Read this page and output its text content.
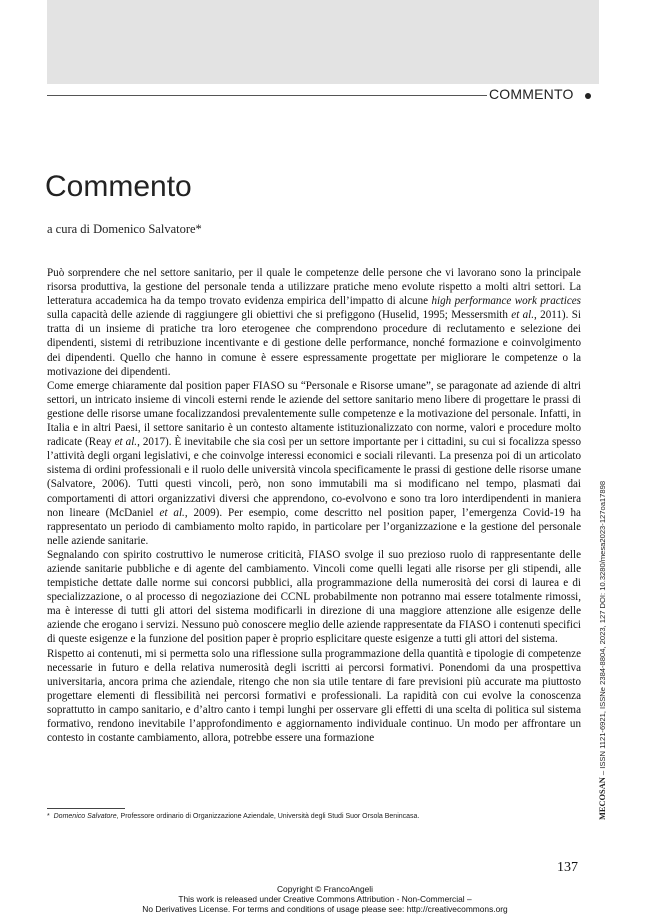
COMMENTO
Commento
a cura di Domenico Salvatore*

Può sorprendere che nel settore sanitario, per il quale le competenze delle persone che vi lavorano sono la principale risorsa produttiva, la gestione del personale tenda a utilizzare pratiche meno evolute rispetto a molti altri settori. La letteratura accademica ha da tempo trovato evidenza empirica dell’impatto di alcune high performance work practices sulla capacità delle aziende di raggiungere gli obiettivi che si prefiggono (Huselid, 1995; Messersmith et al., 2011). Si tratta di un insieme di pratiche tra loro eterogenee che comprendono procedure di reclutamento e selezione dei dipendenti, sistemi di retribuzione incentivante e di gestione delle performance, nonché formazione e coinvolgimento dei dipendenti. Quello che hanno in comune è essere espressamente progettate per migliorare le competenze o la motivazione dei dipendenti.

Come emerge chiaramente dal position paper FIASO su “Personale e Risorse umane”, se paragonate ad aziende di altri settori, un intricato insieme di vincoli esterni rende le aziende del settore sanitario meno libere di progettare le prassi di gestione delle risorse umane focalizzandosi prevalentemente sulle competenze e la motivazione del personale. Infatti, in Italia e in altri Paesi, il settore sanitario è un contesto altamente istituzionalizzato con norme, valori e procedure molto radicate (Reay et al., 2017). È inevitabile che sia così per un settore importante per i cittadini, su cui si focalizza spesso l’attività degli organi legislativi, e che coinvolge interessi economici e sociali rilevanti. La presenza poi di un articolato sistema di ordini professionali e il ruolo delle università vincola specificamente le prassi di gestione delle risorse umane (Salvatore, 2006). Tutti questi vincoli, però, non sono immutabili ma si modificano nel tempo, plasmati dai comportamenti di attori organizzativi diversi che apprendono, co-evolvono e sono tra loro interdipendenti in maniera non lineare (McDaniel et al., 2009). Per esempio, come descritto nel position paper, l’emergenza Covid-19 ha rappresentato un periodo di cambiamento molto rapido, in particolare per l’organizzazione e la gestione del personale nelle aziende sanitarie.

Segnalando con spirito costruttivo le numerose criticità, FIASO svolge il suo prezioso ruolo di rappresentante delle aziende sanitarie pubbliche e di agente del cambiamento. Vincoli come quelli legati alle risorse per gli stipendi, alle tempistiche dettate dalle norme sui concorsi pubblici, alla programmazione della numerosità dei corsi di laurea e di specializzazione, o al processo di negoziazione dei CCNL probabilmente non potranno mai essere totalmente rimossi, ma è interesse di tutti gli attori del sistema modificarli in direzione di una maggiore attenzione alle esigenze delle aziende che erogano i servizi. Nessuno può conoscere meglio delle aziende rappresentate da FIASO i contenuti specifici di queste esigenze e la funzione del position paper è proprio esplicitare queste esigenze a tutti gli attori del sistema.

Rispetto ai contenuti, mi si permetta solo una riflessione sulla programmazione della quantità e tipologie di competenze necessarie in futuro e della relativa numerosità degli iscritti ai percorsi formativi. Ponendomi da una prospettiva universitaria, ancora prima che aziendale, ritengo che non sia utile tentare di fare previsioni più accurate ma piuttosto progettare elementi di flessibilità nei percorsi formativi e professionali. La rapidità con cui evolve la conoscenza soprattutto in campo sanitario, e d’altro canto i tempi lunghi per osservare gli effetti di una scelta di politica sul sistema formativo, rendono inevitabile l’approfondimento e aggiornamento individuale continuo. Un modo per affrontare un contesto in costante cambiamento, allora, potrebbe essere una formazione

* Domenico Salvatore, Professore ordinario di Organizzazione Aziendale, Università degli Studi Suor Orsola Benincasa.
137
Copyright © FrancoAngeli
This work is released under Creative Commons Attribution - Non-Commercial –
No Derivatives License. For terms and conditions of usage please see: http://creativecommons.org
MECOSAN – ISSN 1121-6921, ISSNe 2384-8804, 2023, 127 DOI: 10.3280/mesa2023-127oa17898
